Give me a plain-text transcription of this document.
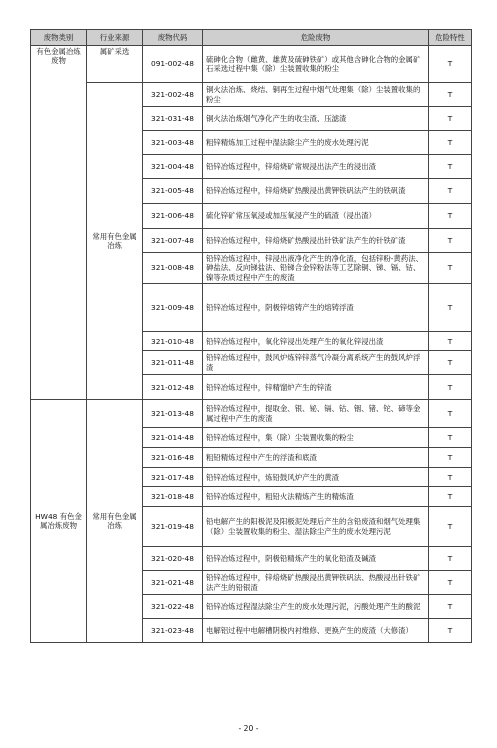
废物类别	行业来源	废物代码	危险废物	危险特性
有色金属冶炼废物	属矿采选	091-002-48	硫砷化合物（雌黄、雄黄及硫砷铁矿）或其他含砷化合物的金属矿石采选过程中集（除）尘装置收集的粉尘	T
	常用有色金属冶炼	321-002-48	铜火法冶炼、烧结、铜再生过程中烟气处理集（除）尘装置收集的粉尘	T
		321-031-48	铜火法冶炼烟气净化产生的收尘渣、压滤渣	T
		321-003-48	粗锌精炼加工过程中湿法除尘产生的废水处理污泥	T
		321-004-48	铅锌冶炼过程中，锌焙烧矿常规浸出法产生的浸出渣	T
		321-005-48	铅锌冶炼过程中，锌焙烧矿热酸浸出黄钾铁矾法产生的铁矾渣	T
		321-006-48	硫化锌矿常压氧浸或加压氧浸产生的硫渣（浸出渣）	T
		321-007-48	铅锌冶炼过程中，锌焙烧矿热酸浸出针铁矿法产生的针铁矿渣	T
		321-008-48	铅锌冶炼过程中，锌浸出液净化产生的净化渣，包括锌粉-黄药法、砷盐法、反向锑盐法、铅锑合金锌粉法等工艺除铜、锑、镉、钴、镍等杂质过程中产生的废渣	T
		321-009-48	铅锌冶炼过程中，阴极锌熔铸产生的熔铸浮渣	T
		321-010-48	铅锌冶炼过程中，氧化锌浸出处理产生的氧化锌浸出渣	T
		321-011-48	铅锌冶炼过程中，鼓风炉炼锌锌蒸气冷凝分离系统产生的鼓风炉浮渣	T
		321-012-48	铅锌冶炼过程中，锌精馏炉产生的锌渣	T
HW48 有色金属冶炼废物	常用有色金属冶炼	321-013-48	铅锌冶炼过程中，提取金、银、铋、镉、钴、铟、锗、铊、碲等金属过程中产生的废渣	T
		321-014-48	铅锌冶炼过程中，集（除）尘装置收集的粉尘	T
		321-016-48	粗铅精炼过程中产生的浮渣和底渣	T
		321-017-48	铅锌冶炼过程中，炼铅鼓风炉产生的黄渣	T
		321-018-48	铅锌冶炼过程中，粗铅火法精炼产生的精炼渣	T
		321-019-48	铅电解产生的阳极泥及阳极泥处理后产生的含铅废渣和烟气处理集（除）尘装置收集的粉尘、湿法除尘产生的废水处理污泥	T
		321-020-48	铅锌冶炼过程中，阴极铅精炼产生的氧化铅渣及碱渣	T
		321-021-48	铅锌冶炼过程中，锌焙烧矿热酸浸出黄钾铁矾法、热酸浸出针铁矿法产生的铅银渣	T
		321-022-48	铅锌冶炼过程湿法除尘产生的废水处理污泥，污酸处理产生的酸泥	T
		321-023-48	电解铝过程中电解槽阴极内衬维修、更换产生的废渣（大修渣）	T
- 20 -
